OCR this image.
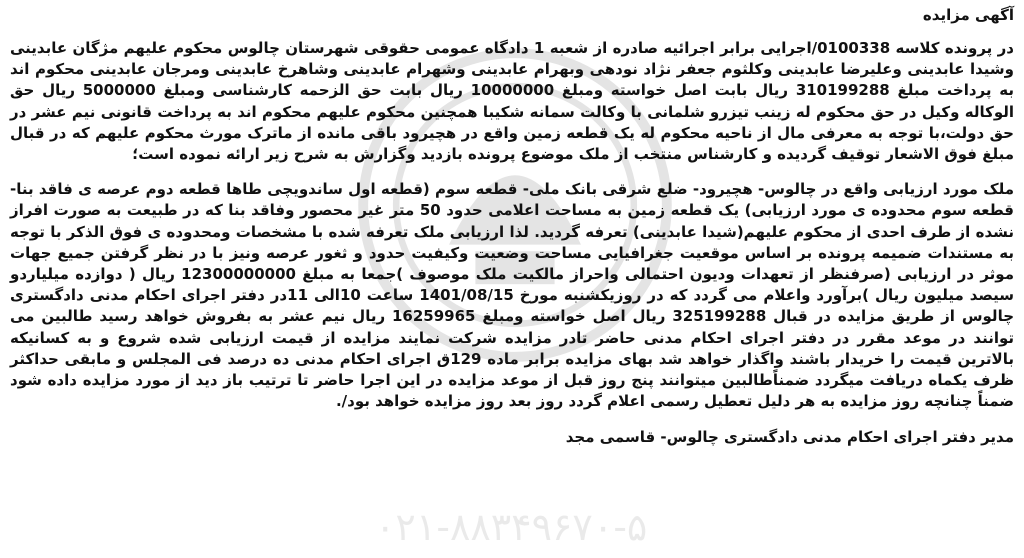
۰۲۱-۸۸۳۴۹۶۷۰-۵
آگهی مزایده

در پرونده کلاسه 0100338/اجرایی برابر اجرائیه صادره از شعبه 1 دادگاه عمومی حقوقی شهرستان چالوس محکوم علیهم مژگان عابدینی وشیدا عابدینی وعلیرضا عابدینی وکلثوم جعفر نژاد نودهی وبهرام عابدینی وشهرام عابدینی وشاهرخ عابدینی ومرجان عابدینی محکوم اند به پرداخت مبلغ 310199288 ریال بابت اصل خواسته ومبلغ 10000000 ریال بابت حق الزحمه کارشناسی ومبلغ 5000000 ریال حق الوکاله وکیل در حق محکوم له زینب تیزرو شلمانی با وکالت سمانه شکیبا همچنین محکوم علیهم محکوم اند به پرداخت قانونی نیم عشر در حق دولت،با توجه به معرفی مال از ناحیه محکوم له یک قطعه زمین واقع در هچیرود باقی مانده از ماترک مورث محکوم علیهم که در قبال مبلغ فوق الاشعار توقیف گردیده و کارشناس منتخب از ملک موضوع پرونده بازدید وگزارش به شرح زیر ارائه نموده است؛

ملک مورد ارزیابی واقع در چالوس- هچیرود- ضلع شرقی بانک ملی- قطعه سوم (قطعه اول ساندویچی طاها قطعه دوم عرصه ی فاقد بنا- قطعه سوم محدوده ی مورد ارزیابی) یک قطعه زمین به مساحت اعلامی حدود 50 متر غیر محصور وفاقد بنا که در طبیعت به صورت افراز نشده از طرف احدی از محکوم علیهم(شیدا عابدینی) تعرفه گردید. لذا ارزیابی ملک تعرفه شده با مشخصات ومحدوده ی فوق الذکر با توجه به مستندات ضمیمه پرونده بر اساس موقعیت جغرافیایی مساحت وضعیت وکیفیت حدود و ثغور عرصه ونیز با در نظر گرفتن جمیع جهات موثر در ارزیابی (صرفنظر از تعهدات ودیون احتمالی واحراز مالکیت ملک موصوف )جمعا به مبلغ 12300000000 ریال ( دوازده میلیاردو سیصد میلیون ریال )برآورد واعلام می گردد که در روزیکشنبه مورخ 1401/08/15 ساعت 10الی 11در دفتر اجرای احکام مدنی دادگستری چالوس از طریق مزایده در قبال 325199288 ریال اصل خواسته ومبلغ 16259965 ریال نیم عشر به بفروش خواهد رسید طالبین می توانند در موعد مقرر در دفتر اجرای احکام مدنی حاضر تادر مزایده شرکت نمایند مزایده از قیمت ارزیابی شده شروع و به کسانیکه بالاترین قیمت را خریدار باشند واگذار خواهد شد بهای مزایده برابر ماده 129ق اجرای احکام مدنی ده درصد فی المجلس و مابقی حداکثر ظرف یکماه دریافت میگردد ضمناًطالبین میتوانند پنج روز قبل از موعد مزایده در این اجرا حاضر تا ترتیب باز دید از مورد مزایده داده شود ضمناً چنانچه روز مزایده به هر دلیل تعطیل رسمی اعلام گردد روز بعد روز مزایده خواهد بود/.

مدیر دفتر اجرای احکام مدنی دادگستری چالوس- قاسمی مجد
